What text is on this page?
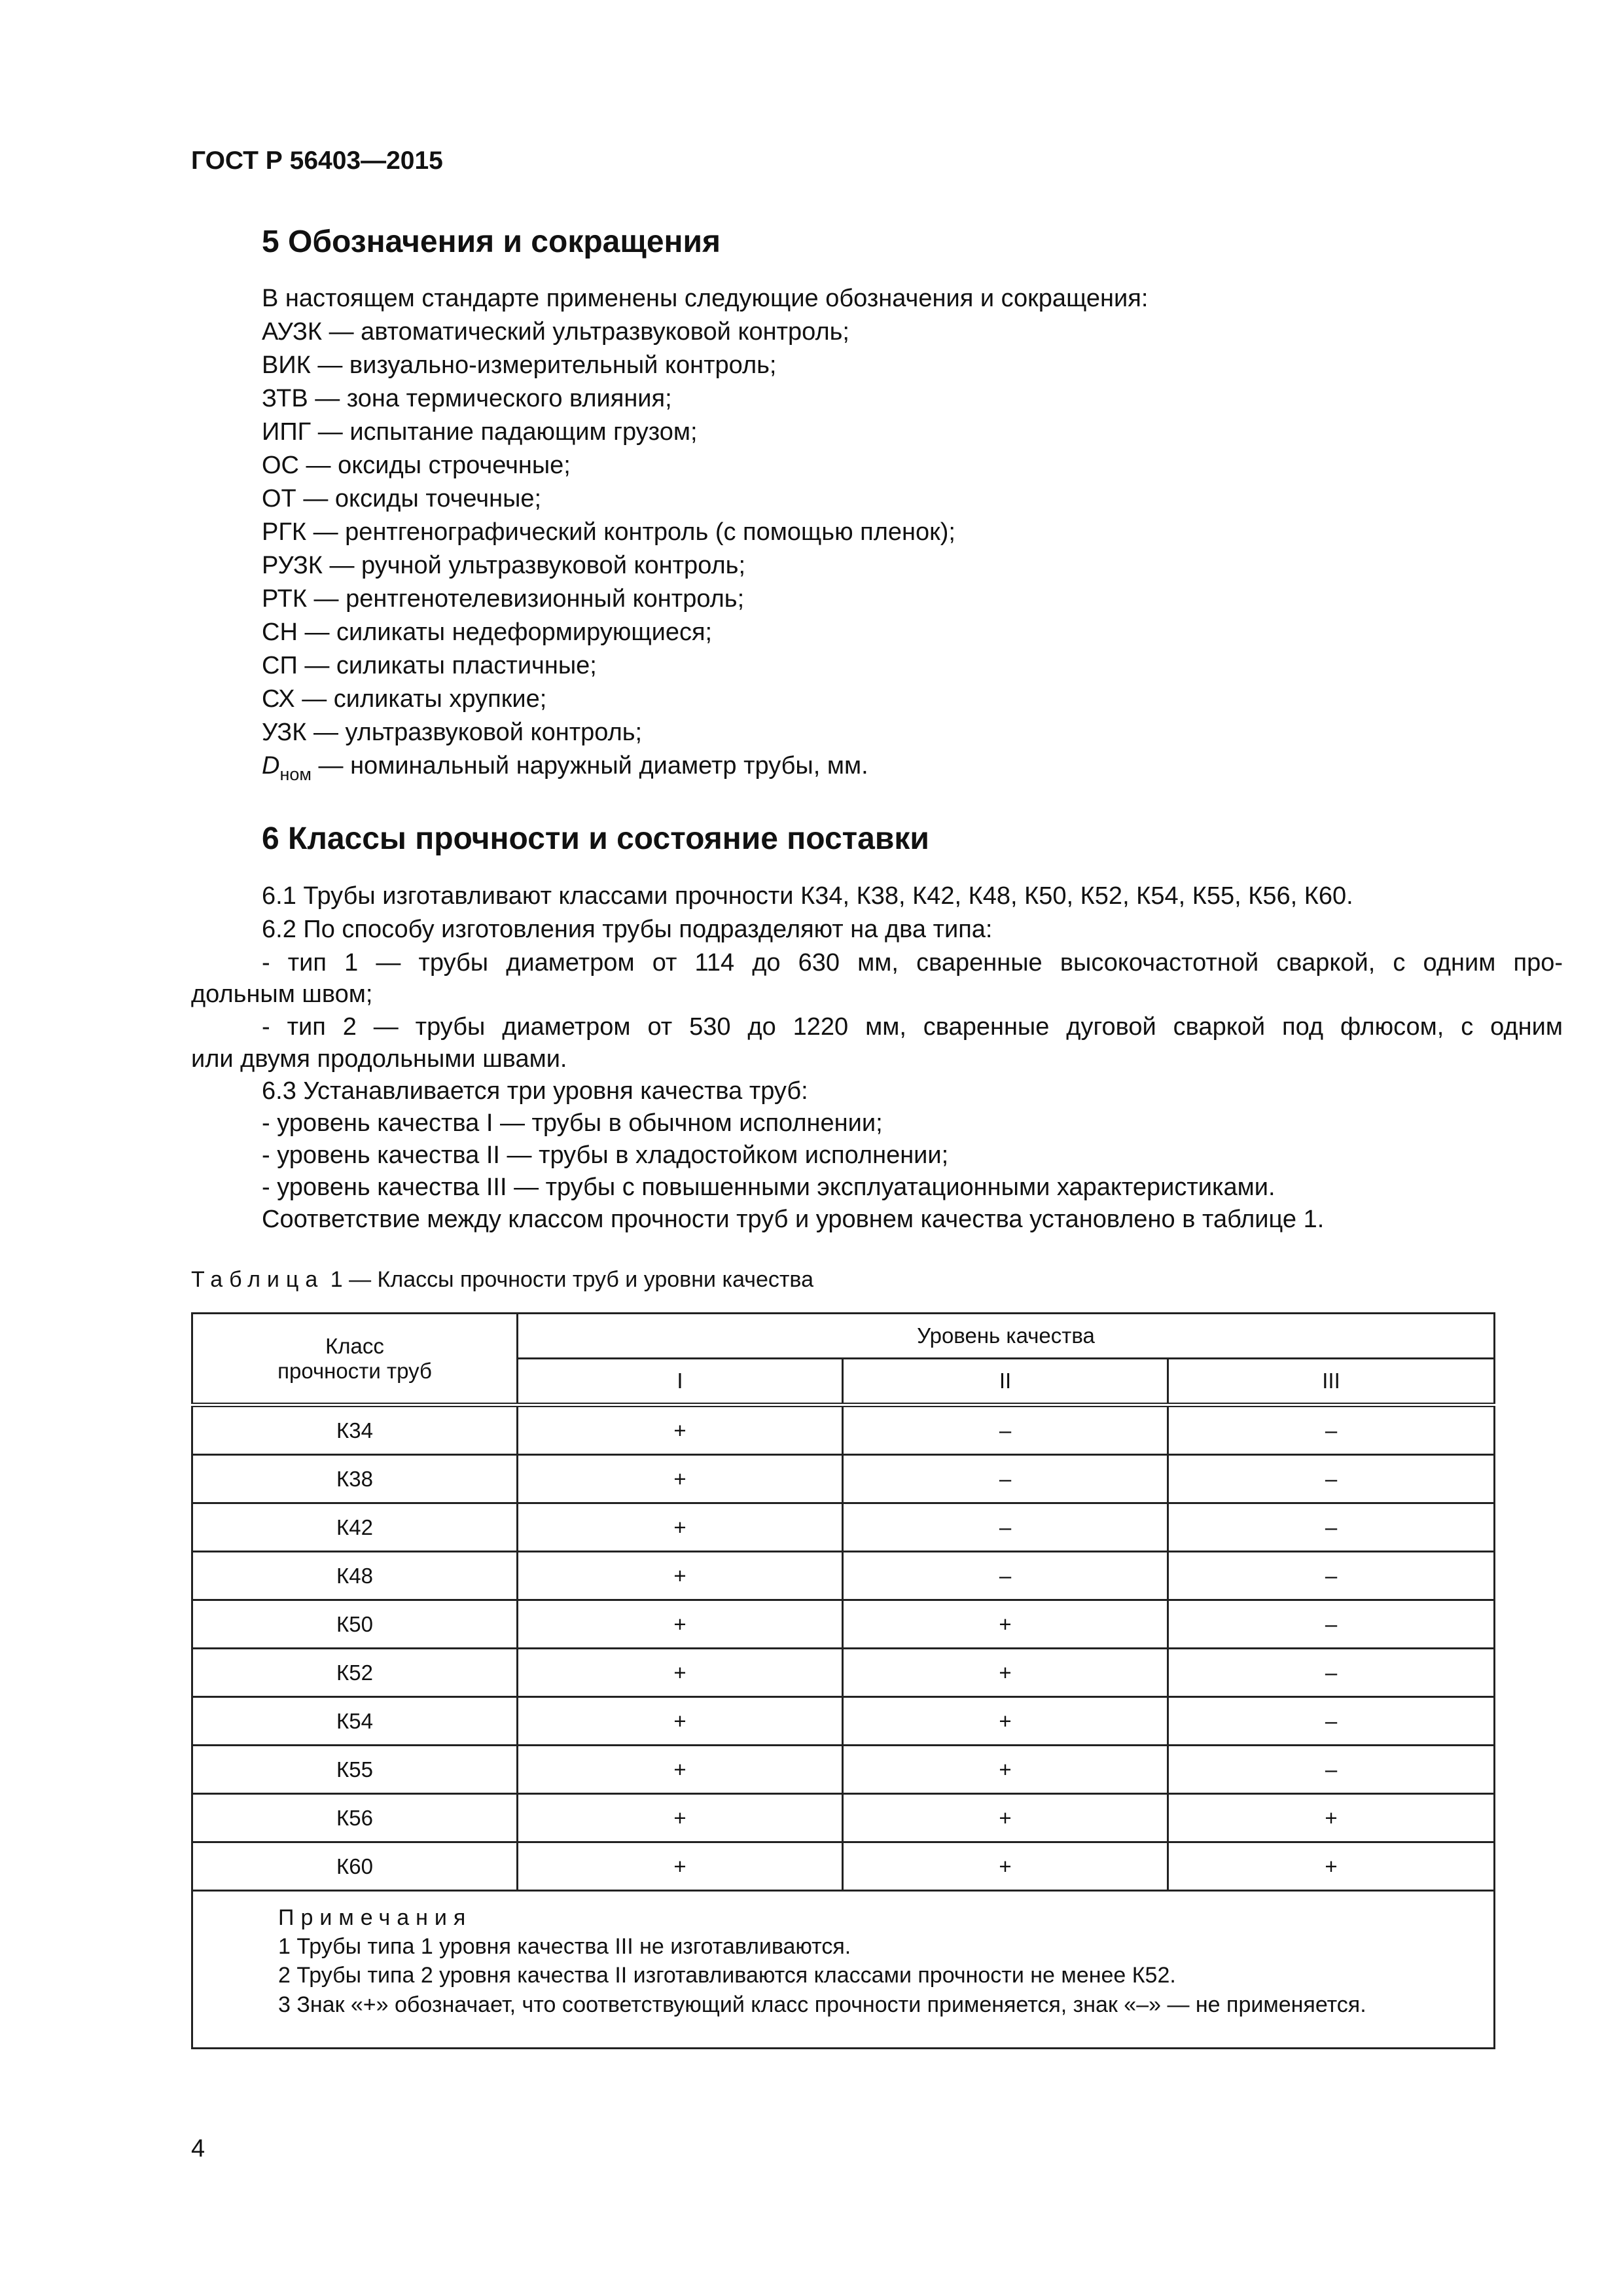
ГОСТ Р 56403—2015
5 Обозначения и сокращения
В настоящем стандарте применены следующие обозначения и сокращения:
АУЗК — автоматический ультразвуковой контроль;
ВИК — визуально-измерительный контроль;
ЗТВ — зона термического влияния;
ИПГ — испытание падающим грузом;
ОС — оксиды строчечные;
ОТ — оксиды точечные;
РГК — рентгенографический контроль (с помощью пленок);
РУЗК — ручной ультразвуковой контроль;
РТК — рентгенотелевизионный контроль;
СН — силикаты недеформирующиеся;
СП — силикаты пластичные;
СХ — силикаты хрупкие;
УЗК — ультразвуковой контроль;
$D_{ном}$ — номинальный наружный диаметр трубы, мм.
6 Классы прочности и состояние поставки
6.1 Трубы изготавливают классами прочности К34, К38, К42, К48, К50, К52, К54, К55, К56, К60.
6.2 По способу изготовления трубы подразделяют на два типа:
- тип 1 — трубы диаметром от 114 до 630 мм, сваренные высокочастотной сваркой, с одним про-
дольным швом;
- тип 2 — трубы диаметром от 530 до 1220 мм, сваренные дуговой сваркой под флюсом, с одним
или двумя продольными швами.
6.3 Устанавливается три уровня качества труб:
- уровень качества I — трубы в обычном исполнении;
- уровень качества II — трубы в хладостойком исполнении;
- уровень качества III — трубы с повышенными эксплуатационными характеристиками.
Соответствие между классом прочности труб и уровнем качества установлено в таблице 1.
Таблица 1 — Классы прочности труб и уровни качества
Класс
прочности труб	Уровень качества		
	I	II	III
К34	+	–	–
К38	+	–	–
К42	+	–	–
К48	+	–	–
К50	+	+	–
К52	+	+	–
К54	+	+	–
К55	+	+	–
К56	+	+	+
К60	+	+	+

Примечания
1 Трубы типа 1 уровня качества III не изготавливаются.
2 Трубы типа 2 уровня качества II изготавливаются классами прочности не менее К52.
3 Знак «+» обозначает, что соответствующий класс прочности применяется, знак «–» — не применяется.			
4
